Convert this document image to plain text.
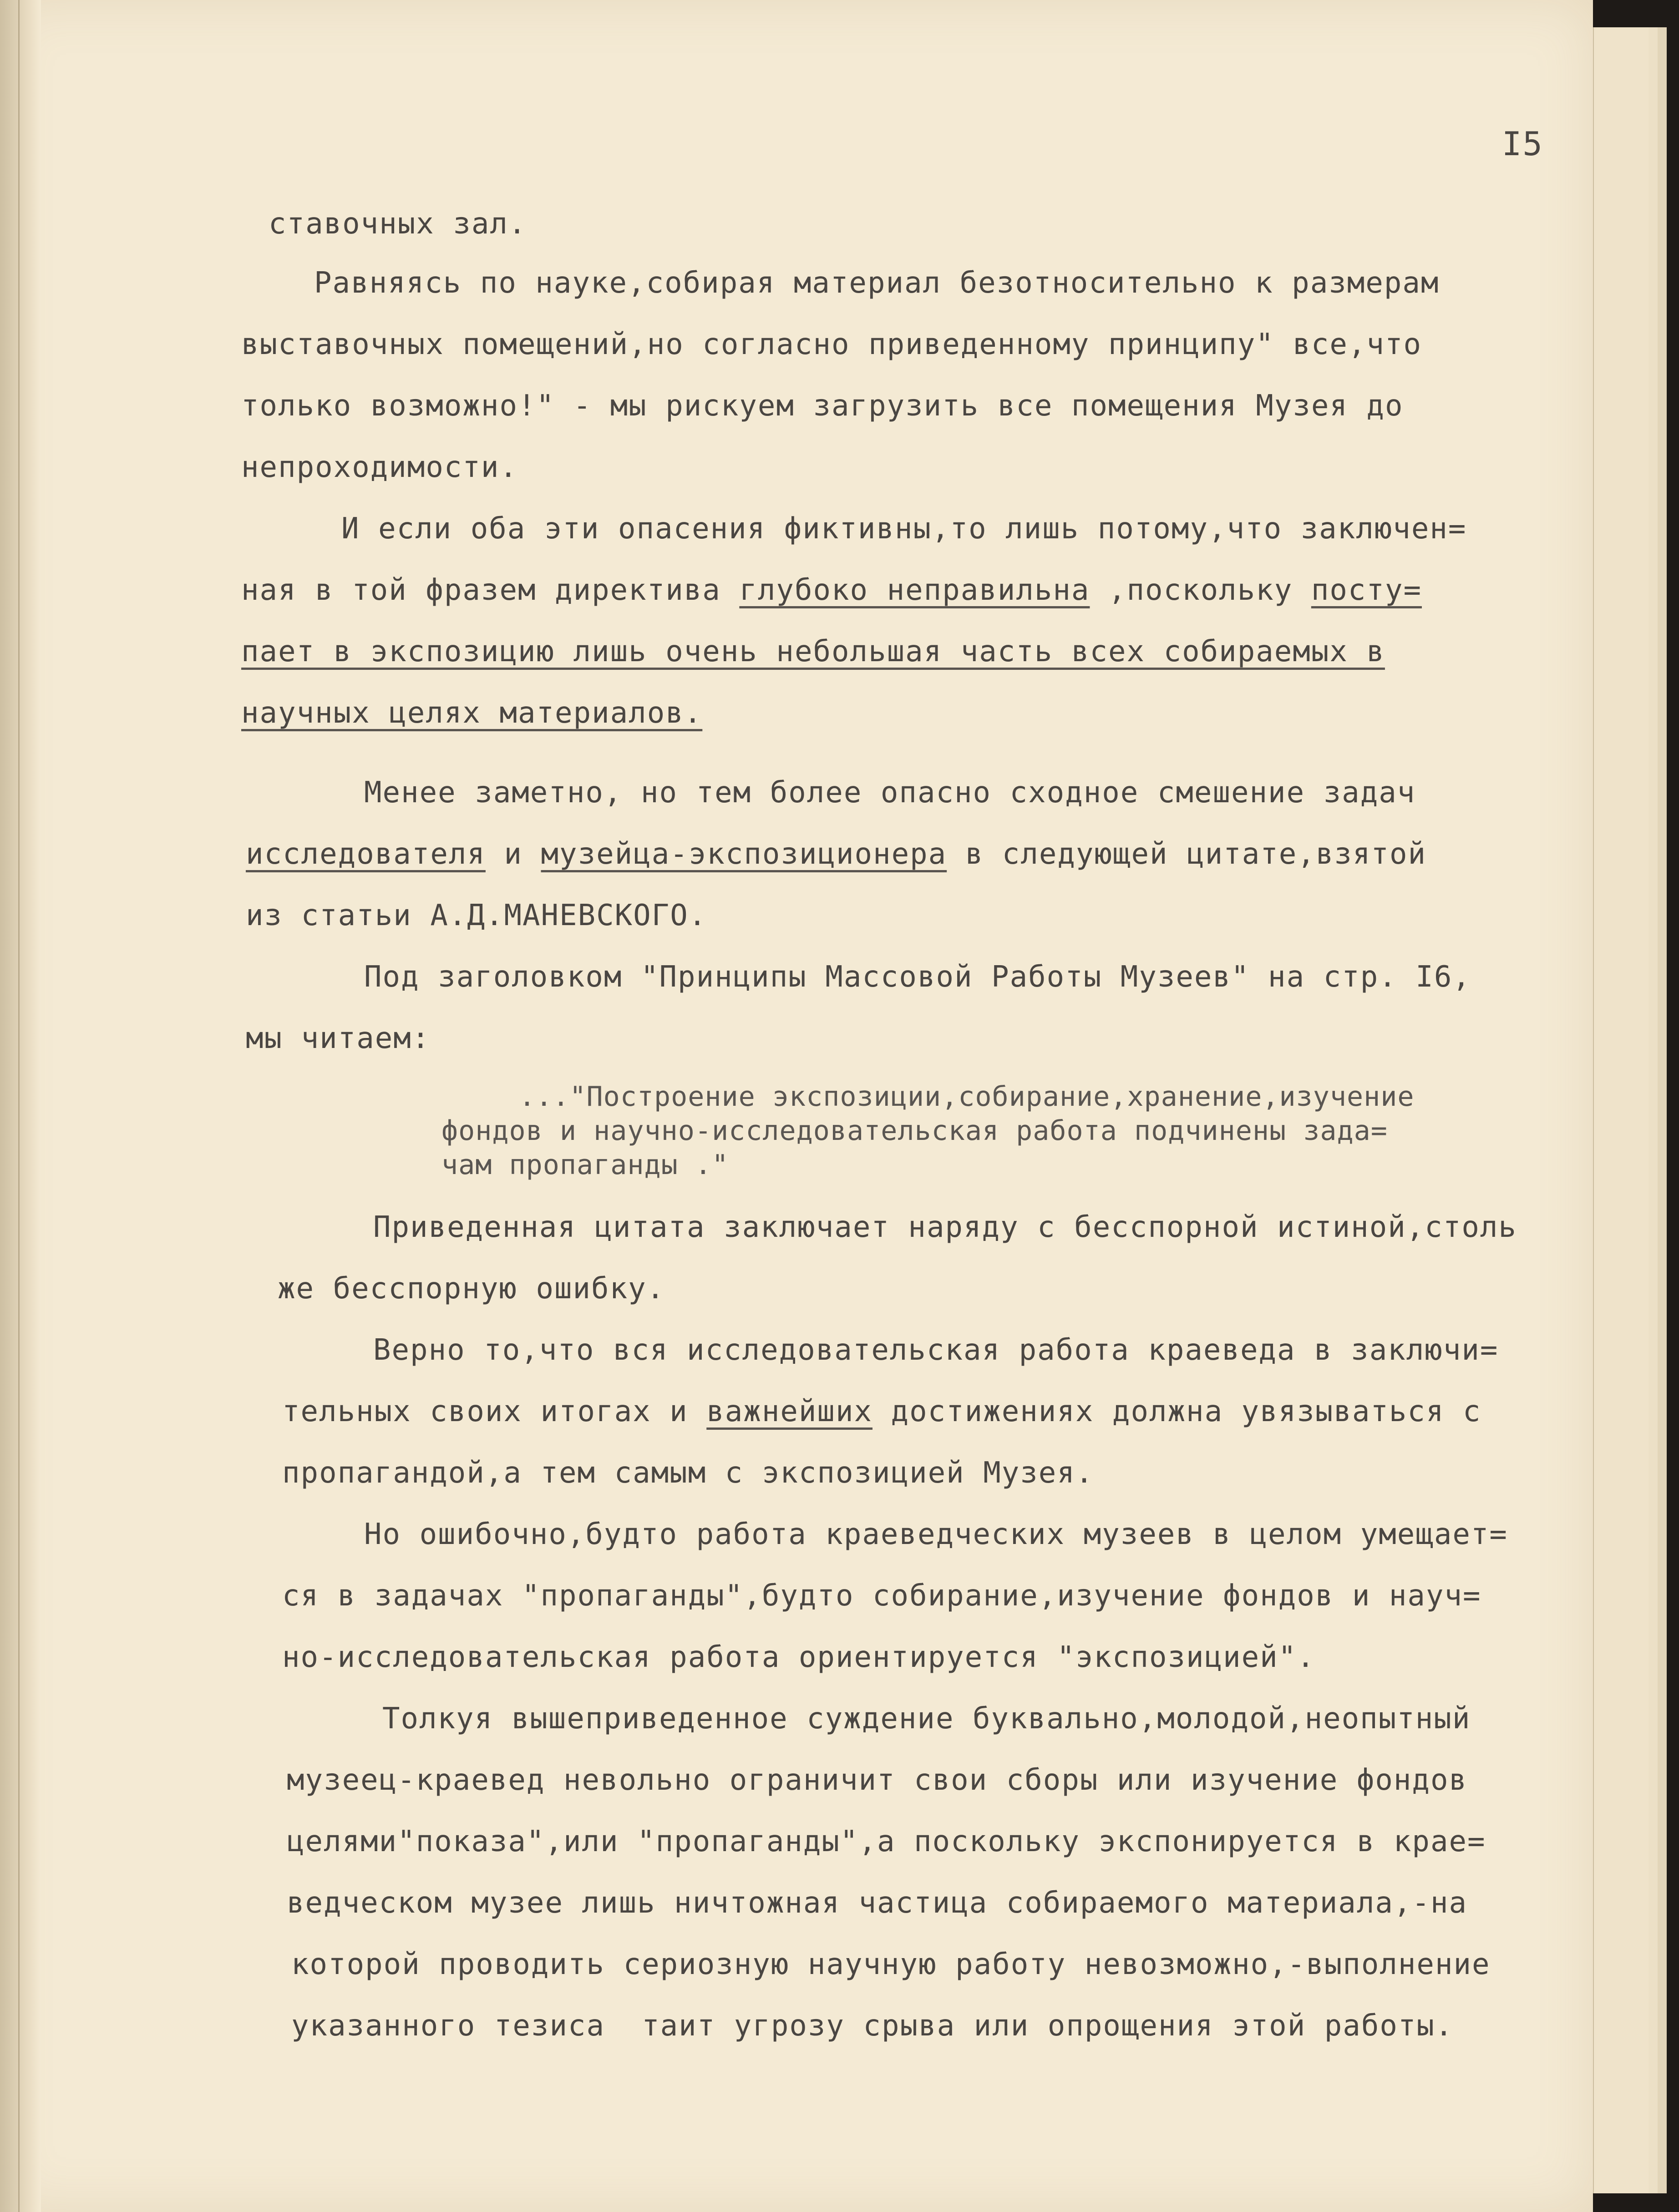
I5
ставочных зал.
Равняясь по науке,собирая материал безотносительно к размерам
выставочных помещений,но согласно приведенному принципу" все,что
только возможно!" - мы рискуем загрузить все помещения Музея до
непроходимости.
И если оба эти опасения фиктивны,то лишь потому,что заключен=
ная в той фразем директива глубоко неправильна ,поскольку посту=
пает в экспозицию лишь очень небольшая часть всех собираемых в
научных целях материалов.
Менее заметно, но тем более опасно сходное смешение задач
исследователя и музейца-экспозиционера в следующей цитате,взятой
из статьи А.Д.МАНЕВСКОГО.
Под заголовком "Принципы Массовой Работы Музеев" на стр. I6,
мы читаем:
..."Построение экспозиции,собирание,хранение,изучение
фондов и научно-исследовательская работа подчинены зада=
чам пропаганды ."
Приведенная цитата заключает наряду с бесспорной истиной,столь
же бесспорную ошибку.
Верно то,что вся исследовательская работа краеведа в заключи=
тельных своих итогах и важнейших достижениях должна увязываться с
пропагандой,а тем самым с экспозицией Музея.
Но ошибочно,будто работа краеведческих музеев в целом умещает=
ся в задачах "пропаганды",будто собирание,изучение фондов и науч=
но-исследовательская работа ориентируется "экспозицией".
Толкуя вышеприведенное суждение буквально,молодой,неопытный
музеец-краевед невольно ограничит свои сборы или изучение фондов
целями"показа",или "пропаганды",а поскольку экспонируется в крае=
ведческом музее лишь ничтожная частица собираемого материала,-на
которой проводить сериозную научную работу невозможно,-выполнение
указанного тезиса  таит угрозу срыва или опрощения этой работы.
